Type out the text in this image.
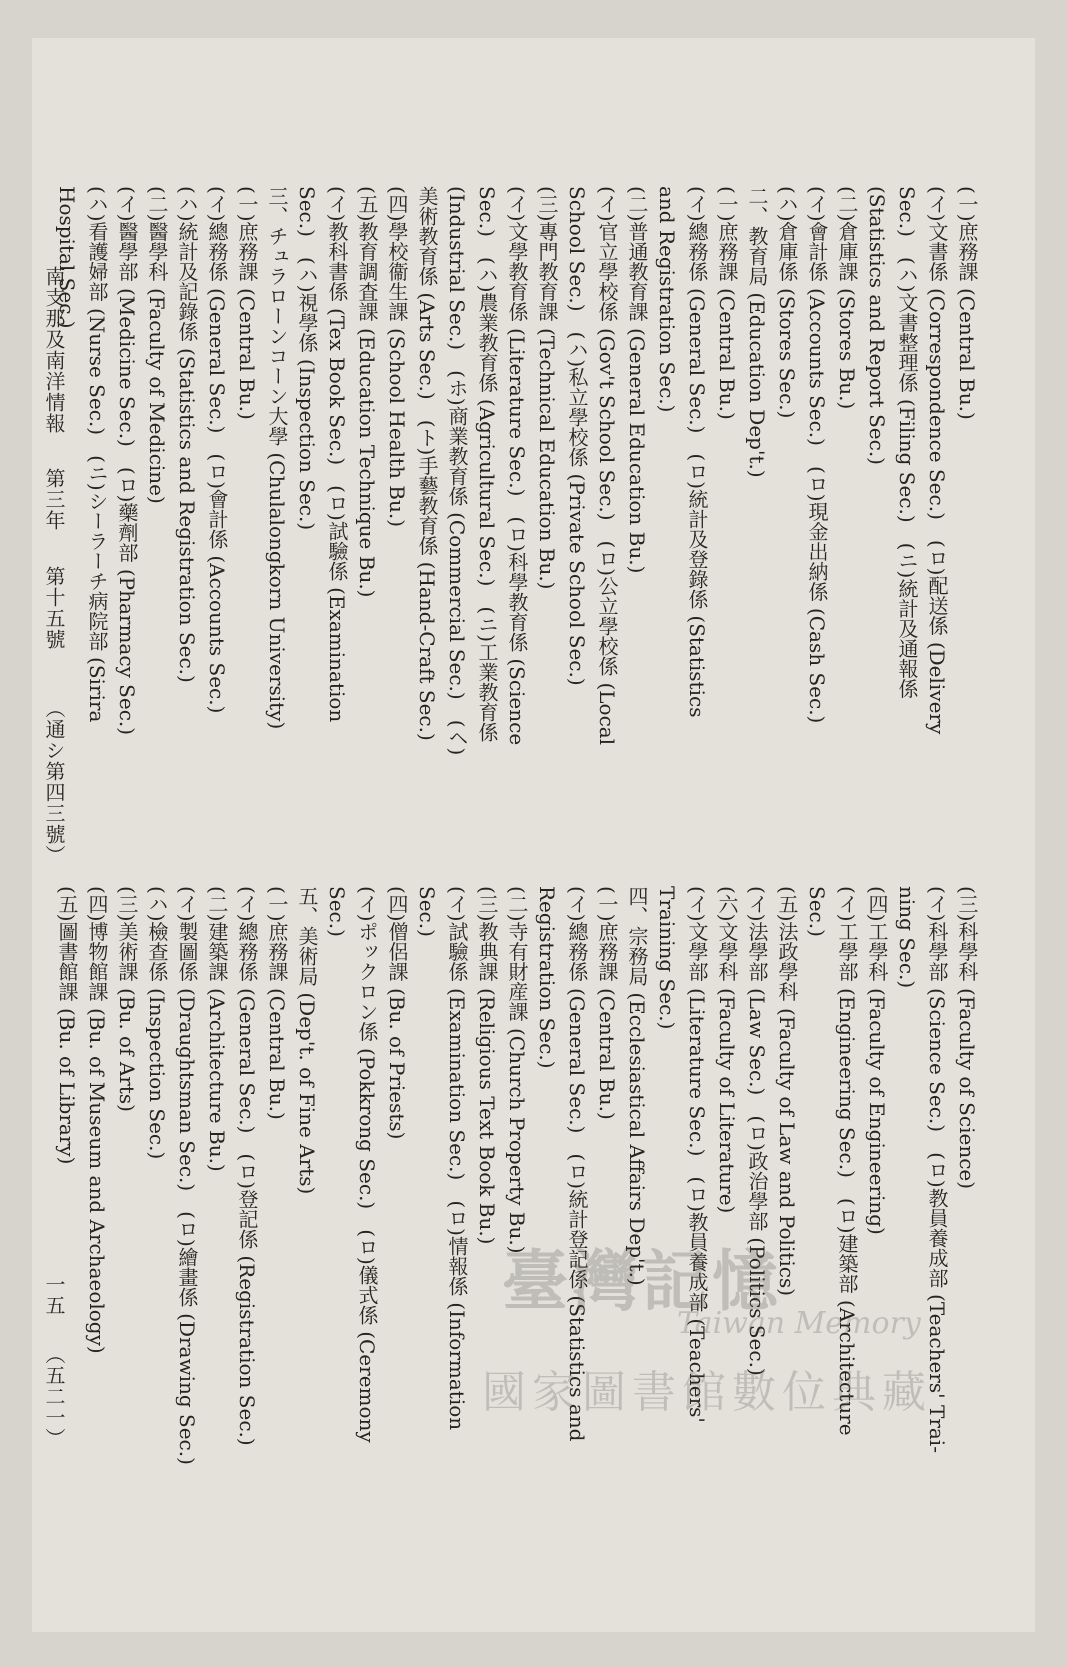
(一)庶務課 (Central Bu.)

(イ)文書係 (Correspondence Sec.)　(ロ)配送係 (Delivery

Sec.)　(ハ)文書整理係 (Filing Sec.)　(ニ)統計及通報係

(Statistics and Report Sec.)

(二)倉庫課 (Stores Bu.)

(イ)會計係 (Accounts Sec.)　(ロ)現金出納係 (Cash Sec.)

(ハ)倉庫係 (Stores Sec.)

二、教育局 (Education Dep't.)

(一)庶務課 (Central Bu.)

(イ)總務係 (General Sec.)　(ロ)統計及登錄係 (Statistics

and Registration Sec.)

(二)普通教育課 (General Education Bu.)

(イ)官立學校係 (Gov't School Sec.)　(ロ)公立學校係 (Local

School Sec.)　(ハ)私立學校係 (Private School Sec.)

(三)專門教育課 (Technical Education Bu.)

(イ)文學教育係 (Literature Sec.)　(ロ)科學教育係 (Science

Sec.)　(ハ)農業教育係 (Agricultural Sec.)　(ニ)工業教育係

(Industrial Sec.)　(ホ)商業教育係 (Commercial Sec.)　(ヘ)

美術教育係 (Arts Sec.)　(ト)手藝教育係 (Hand-Craft Sec.)

(四)學校衞生課 (School Health Bu.)

(五)教育調査課 (Education Technique Bu.)

(イ)教科書係 (Tex Book Sec.)　(ロ)試驗係 (Examination

Sec.)　(ハ)視學係 (Inspection Sec.)

三、チュラローンコーン大學 (Chulalongkorn University)

(一)庶務課 (Central Bu.)

(イ)總務係 (General Sec.)　(ロ)會計係 (Accounts Sec.)

(ハ)統計及記錄係 (Statistics and Registration Sec.)

(二)醫學科 (Faculty of Medicine)

(イ)醫學部 (Medicine Sec.)　(ロ)藥劑部 (Pharmacy Sec.)

(ハ)看護婦部 (Nurse Sec.)　(ニ)シーラーチ病院部 (Sirira

Hospital Sec.)

(三)科學科 (Faculty of Science)

(イ)科學部 (Science Sec.)　(ロ)教員養成部 (Teachers' Trai-

ning Sec.)

(四)工學科 (Faculty of Engineering)

(イ)工學部 (Engineering Sec.)　(ロ)建築部 (Architecture

Sec.)

(五)法政學科 (Faculty of Law and Politics)

(イ)法學部 (Law Sec.)　(ロ)政治學部 (Politics Sec.)

(六)文學科 (Faculty of Literature)

(イ)文學部 (Literature Sec.)　(ロ)教員養成部 (Teachers'

Training Sec.)

四、宗務局 (Ecclesiastical Affairs Dep't.)

(一)庶務課 (Central Bu.)

(イ)總務係 (General Sec.)　(ロ)統計登記係 (Statistics and

Registration Sec.)

(二)寺有財産課 (Church Property Bu.)

(三)教典課 (Religious Text Book Bu.)

(イ)試驗係 (Examination Sec.)　(ロ)情報係 (Information

Sec.)

(四)僧侶課 (Bu. of Priests)

(イ)ポックロン係 (Pokkrong Sec.)　(ロ)儀式係 (Ceremony

Sec.)

五、美術局 (Dep't. of Fine Arts)

(一)庶務課 (Central Bu.)

(イ)總務係 (General Sec.)　(ロ)登記係 (Registration Sec.)

(二)建築課 (Architecture Bu.)

(イ)製圖係 (Draughtsman Sec.)　(ロ)繪畫係 (Drawing Sec.)

(ハ)檢查係 (Inspection Sec.)

(三)美術課 (Bu. of Arts)

(四)博物館課 (Bu. of Museum and Archaeology)

(五)圖書館課 (Bu. of Library)

南支那及南洋情報
第三年
第十五號
（通シ第四三號）
一五
（五二一）
臺灣記憶
Taiwan Memory
國家圖書館數位典藏
